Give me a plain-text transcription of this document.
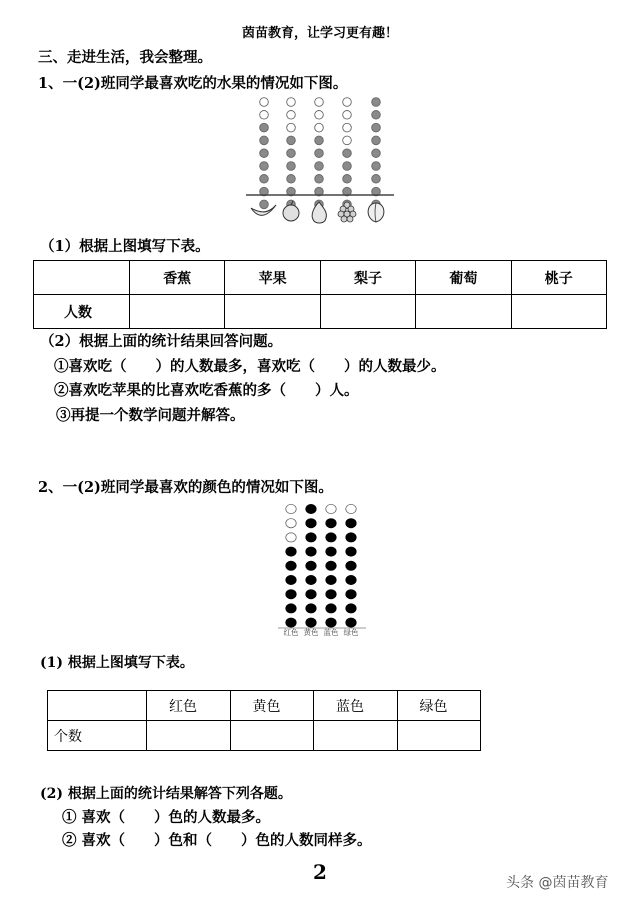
茵苗教育，让学习更有趣！
三、走进生活，我会整理。
1、一(2)班同学最喜欢吃的水果的情况如下图。
（1）根据上图填写下表。
	香蕉	苹果	梨子	葡萄	桃子
人数					
（2）根据上面的统计结果回答问题。
①喜欢吃（　　）的人数最多，喜欢吃（　　）的人数最少。
②喜欢吃苹果的比喜欢吃香蕉的多（　　）人。
③再提一个数学问题并解答。
2、一(2)班同学最喜欢的颜色的情况如下图。
红色 黄色 蓝色 绿色
(1) 根据上图填写下表。
	红色	黄色	蓝色	绿色
个数				
(2) 根据上面的统计结果解答下列各题。
① 喜欢（　　）色的人数最多。
② 喜欢（　　）色和（　　）色的人数同样多。
2	头条 @茵苗教育
